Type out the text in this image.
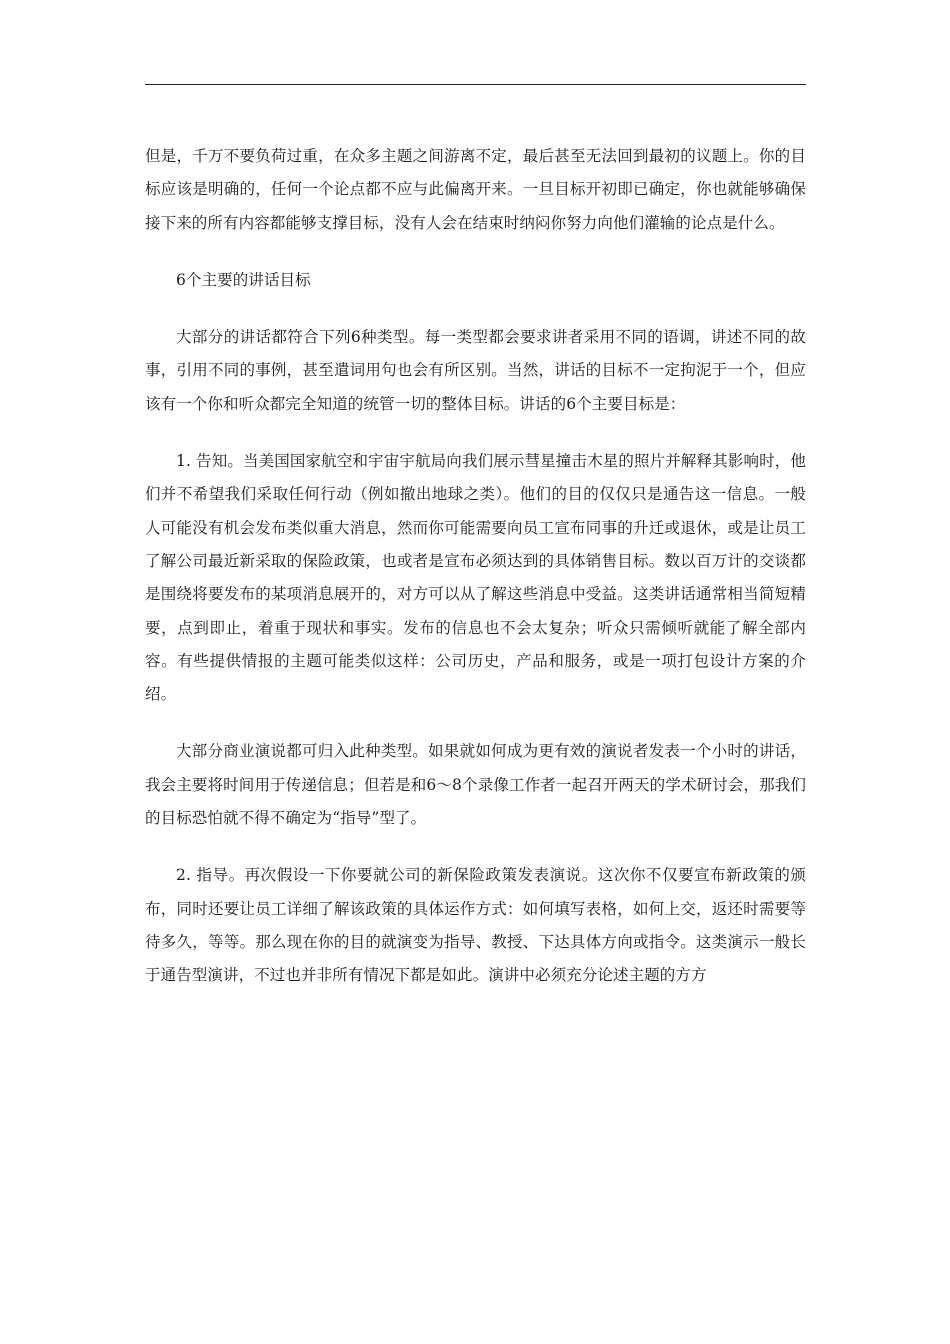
但是，千万不要负荷过重，在众多主题之间游离不定，最后甚至无法回到最初的议题上。你的目标应该是明确的，任何一个论点都不应与此偏离开来。一旦目标开初即已确定，你也就能够确保接下来的所有内容都能够支撑目标，没有人会在结束时纳闷你努力向他们灌输的论点是什么。

6个主要的讲话目标

大部分的讲话都符合下列6种类型。每一类型都会要求讲者采用不同的语调，讲述不同的故事，引用不同的事例，甚至遣词用句也会有所区别。当然，讲话的目标不一定拘泥于一个，但应该有一个你和听众都完全知道的统管一切的整体目标。讲话的6个主要目标是：

1. 告知。当美国国家航空和宇宙宇航局向我们展示彗星撞击木星的照片并解释其影响时，他们并不希望我们采取任何行动（例如撤出地球之类）。他们的目的仅仅只是通告这一信息。一般人可能没有机会发布类似重大消息，然而你可能需要向员工宣布同事的升迁或退休，或是让员工了解公司最近新采取的保险政策，也或者是宣布必须达到的具体销售目标。数以百万计的交谈都是围绕将要发布的某项消息展开的，对方可以从了解这些消息中受益。这类讲话通常相当简短精要，点到即止，着重于现状和事实。发布的信息也不会太复杂；听众只需倾听就能了解全部内容。有些提供情报的主题可能类似这样：公司历史，产品和服务，或是一项打包设计方案的介绍。

大部分商业演说都可归入此种类型。如果就如何成为更有效的演说者发表一个小时的讲话，我会主要将时间用于传递信息；但若是和6～8个录像工作者一起召开两天的学术研讨会，那我们的目标恐怕就不得不确定为“指导”型了。

2. 指导。再次假设一下你要就公司的新保险政策发表演说。这次你不仅要宣布新政策的颁布，同时还要让员工详细了解该政策的具体运作方式：如何填写表格，如何上交，返还时需要等待多久，等等。那么现在你的目的就演变为指导、教授、下达具体方向或指令。这类演示一般长于通告型演讲，不过也并非所有情况下都是如此。演讲中必须充分论述主题的方方
